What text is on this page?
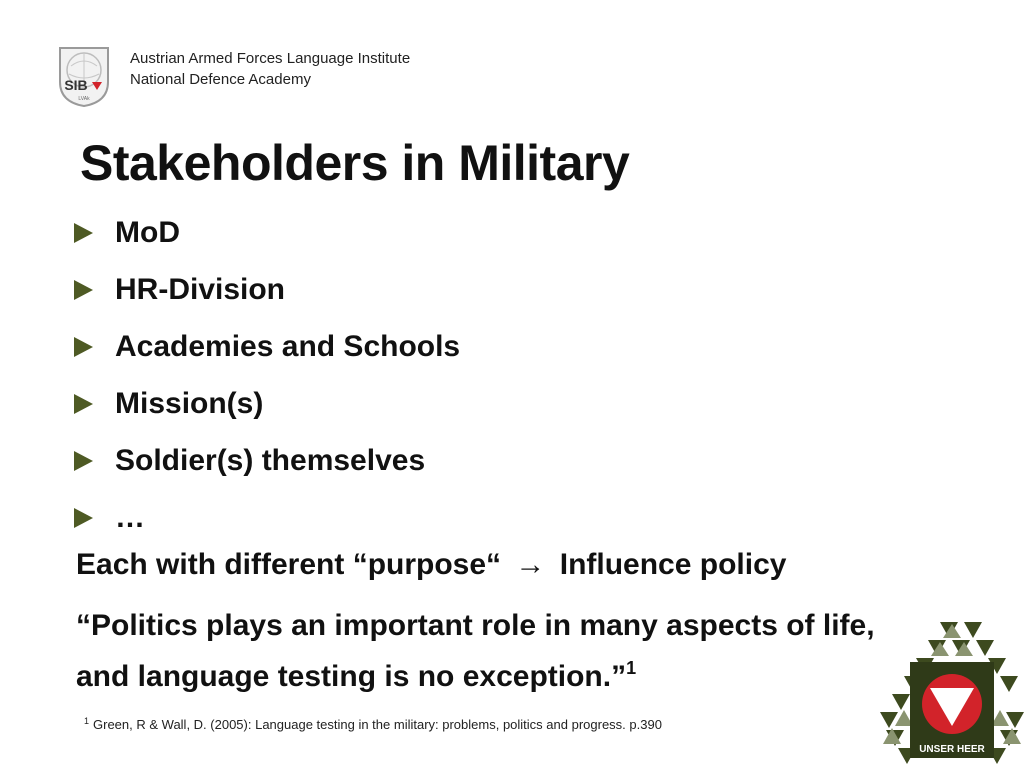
SIB
LVAk
Austrian Armed Forces Language Institute
National Defence Academy
Stakeholders in Military
MoD
HR-Division
Academies and Schools
Mission(s)
Soldier(s) themselves
…
Each with different “purpose“ → Influence policy
“Politics plays an important role in many aspects of life, and language testing is no exception.”$^1$
$^1$ Green, R & Wall, D. (2005): Language testing in the military: problems, politics and progress. p.390
UNSER HEER
